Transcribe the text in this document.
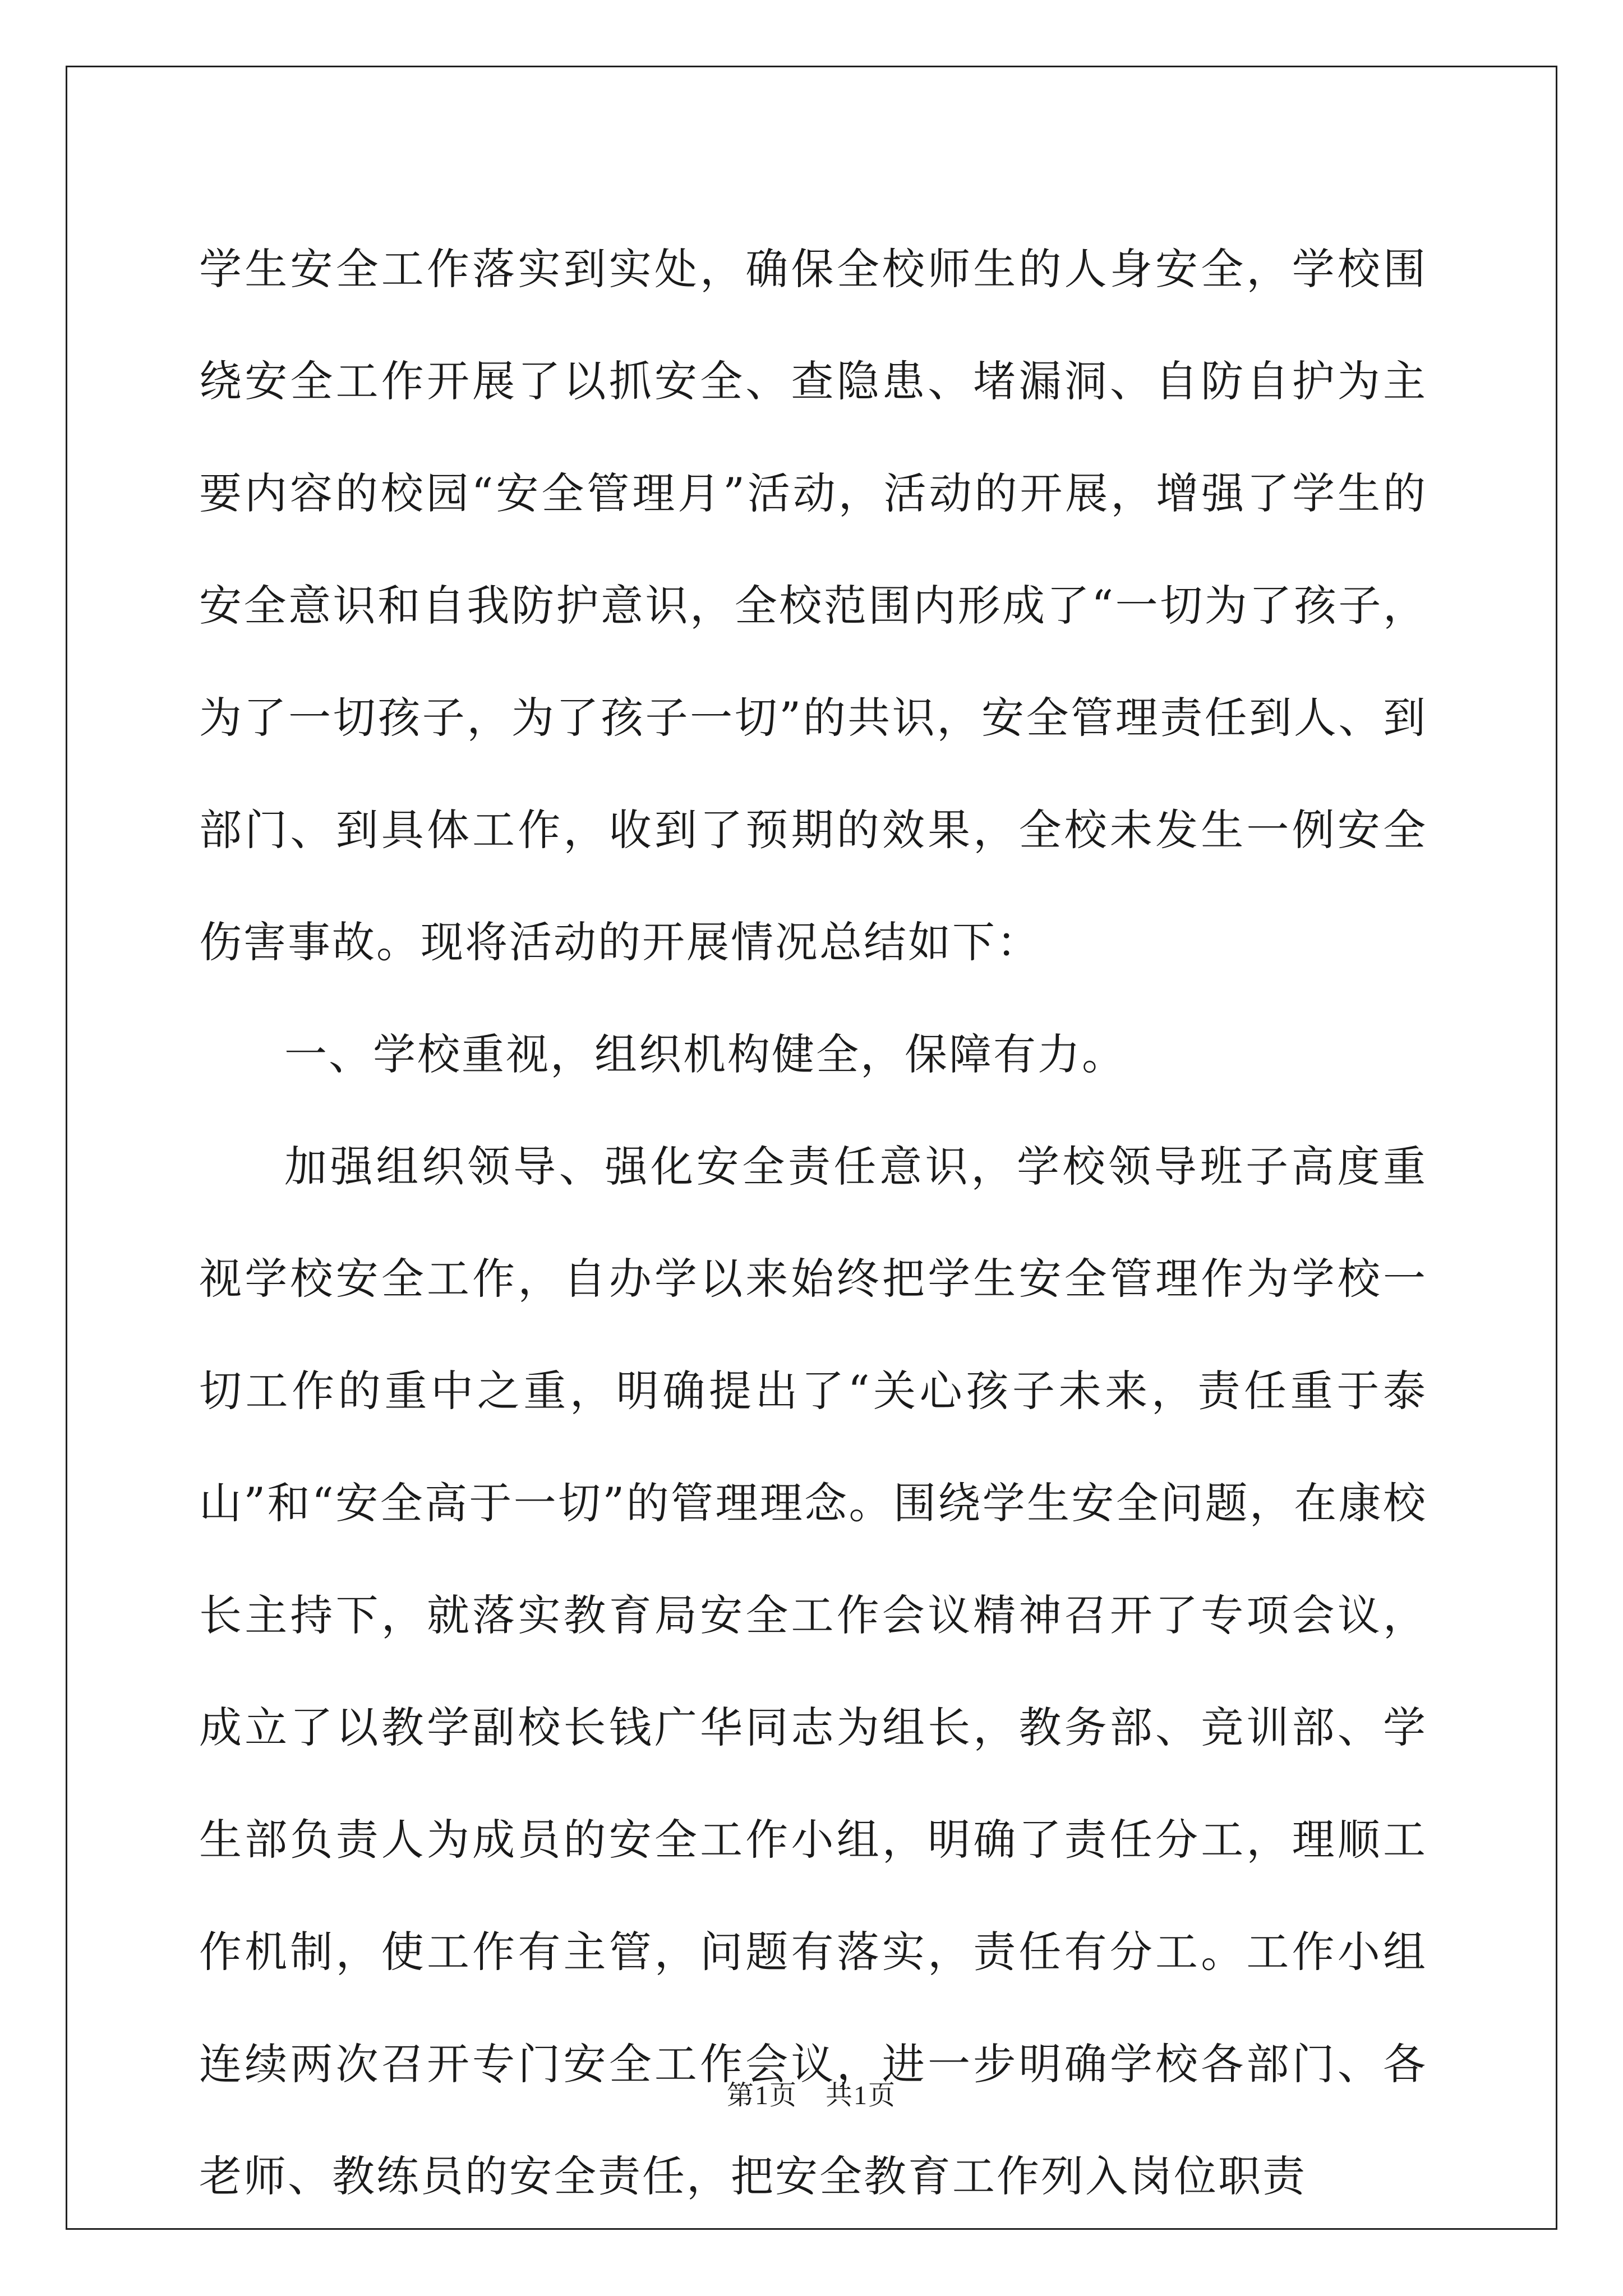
学生安全工作落实到实处，确保全校师生的人身安全，学校围绕安全工作开展了以抓安全、查隐患、堵漏洞、自防自护为主要内容的校园“安全管理月”活动，活动的开展，增强了学生的安全意识和自我防护意识，全校范围内形成了“一切为了孩子，为了一切孩子，为了孩子一切”的共识，安全管理责任到人、到部门、到具体工作，收到了预期的效果，全校未发生一例安全伤害事故。现将活动的开展情况总结如下：

一、学校重视，组织机构健全，保障有力。

加强组织领导、强化安全责任意识，学校领导班子高度重视学校安全工作，自办学以来始终把学生安全管理作为学校一切工作的重中之重，明确提出了“关心孩子未来，责任重于泰山”和“安全高于一切”的管理理念。围绕学生安全问题，在康校长主持下，就落实教育局安全工作会议精神召开了专项会议，成立了以教学副校长钱广华同志为组长，教务部、竞训部、学生部负责人为成员的安全工作小组，明确了责任分工，理顺工作机制，使工作有主管，问题有落实，责任有分工。工作小组连续两次召开专门安全工作会议，进一步明确学校各部门、各老师、教练员的安全责任，把安全教育工作列入岗位职责

第1页　共1页
